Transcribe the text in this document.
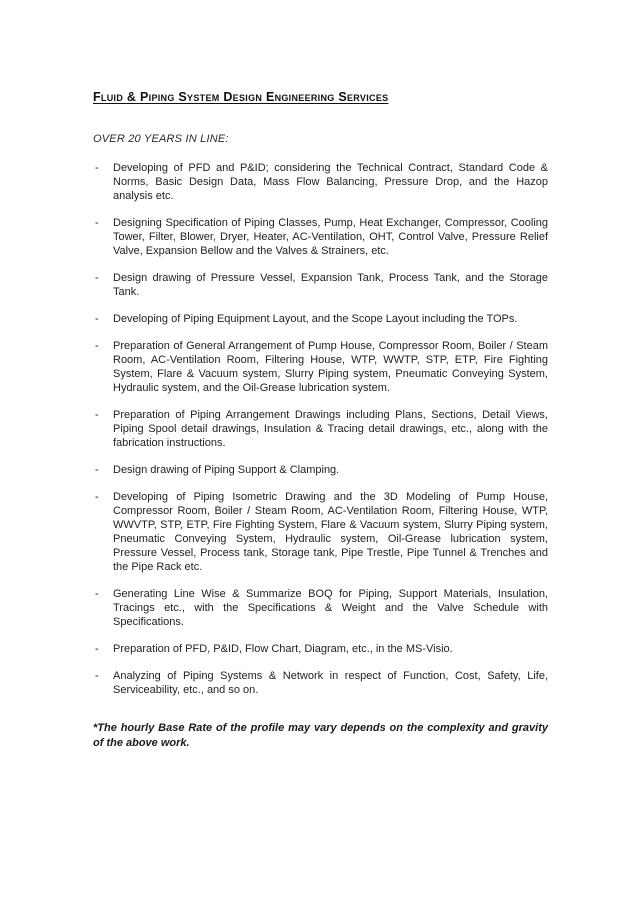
Fluid & Piping System Design Engineering Services
OVER 20 YEARS IN LINE:
- Developing of PFD and P&ID; considering the Technical Contract, Standard Code & Norms, Basic Design Data, Mass Flow Balancing, Pressure Drop, and the Hazop analysis etc.
- Designing Specification of Piping Classes, Pump, Heat Exchanger, Compressor, Cooling Tower, Filter, Blower, Dryer, Heater, AC-Ventilation, OHT, Control Valve, Pressure Relief Valve, Expansion Bellow and the Valves & Strainers, etc.
- Design drawing of Pressure Vessel, Expansion Tank, Process Tank, and the Storage Tank.
- Developing of Piping Equipment Layout, and the Scope Layout including the TOPs.
- Preparation of General Arrangement of Pump House, Compressor Room, Boiler / Steam Room, AC-Ventilation Room, Filtering House, WTP, WWTP, STP, ETP, Fire Fighting System, Flare & Vacuum system, Slurry Piping system, Pneumatic Conveying System, Hydraulic system, and the Oil-Grease lubrication system.
- Preparation of Piping Arrangement Drawings including Plans, Sections, Detail Views, Piping Spool detail drawings, Insulation & Tracing detail drawings, etc., along with the fabrication instructions.
- Design drawing of Piping Support & Clamping.
- Developing of Piping Isometric Drawing and the 3D Modeling of Pump House, Compressor Room, Boiler / Steam Room, AC-Ventilation Room, Filtering House, WTP, WWVTP, STP, ETP, Fire Fighting System, Flare & Vacuum system, Slurry Piping system, Pneumatic Conveying System, Hydraulic system, Oil-Grease lubrication system, Pressure Vessel, Process tank, Storage tank, Pipe Trestle, Pipe Tunnel & Trenches and the Pipe Rack etc.
- Generating Line Wise & Summarize BOQ for Piping, Support Materials, Insulation, Tracings etc., with the Specifications & Weight and the Valve Schedule with Specifications.
- Preparation of PFD, P&ID, Flow Chart, Diagram, etc., in the MS-Visio.
- Analyzing of Piping Systems & Network in respect of Function, Cost, Safety, Life, Serviceability, etc., and so on.
*The hourly Base Rate of the profile may vary depends on the complexity and gravity of the above work.
